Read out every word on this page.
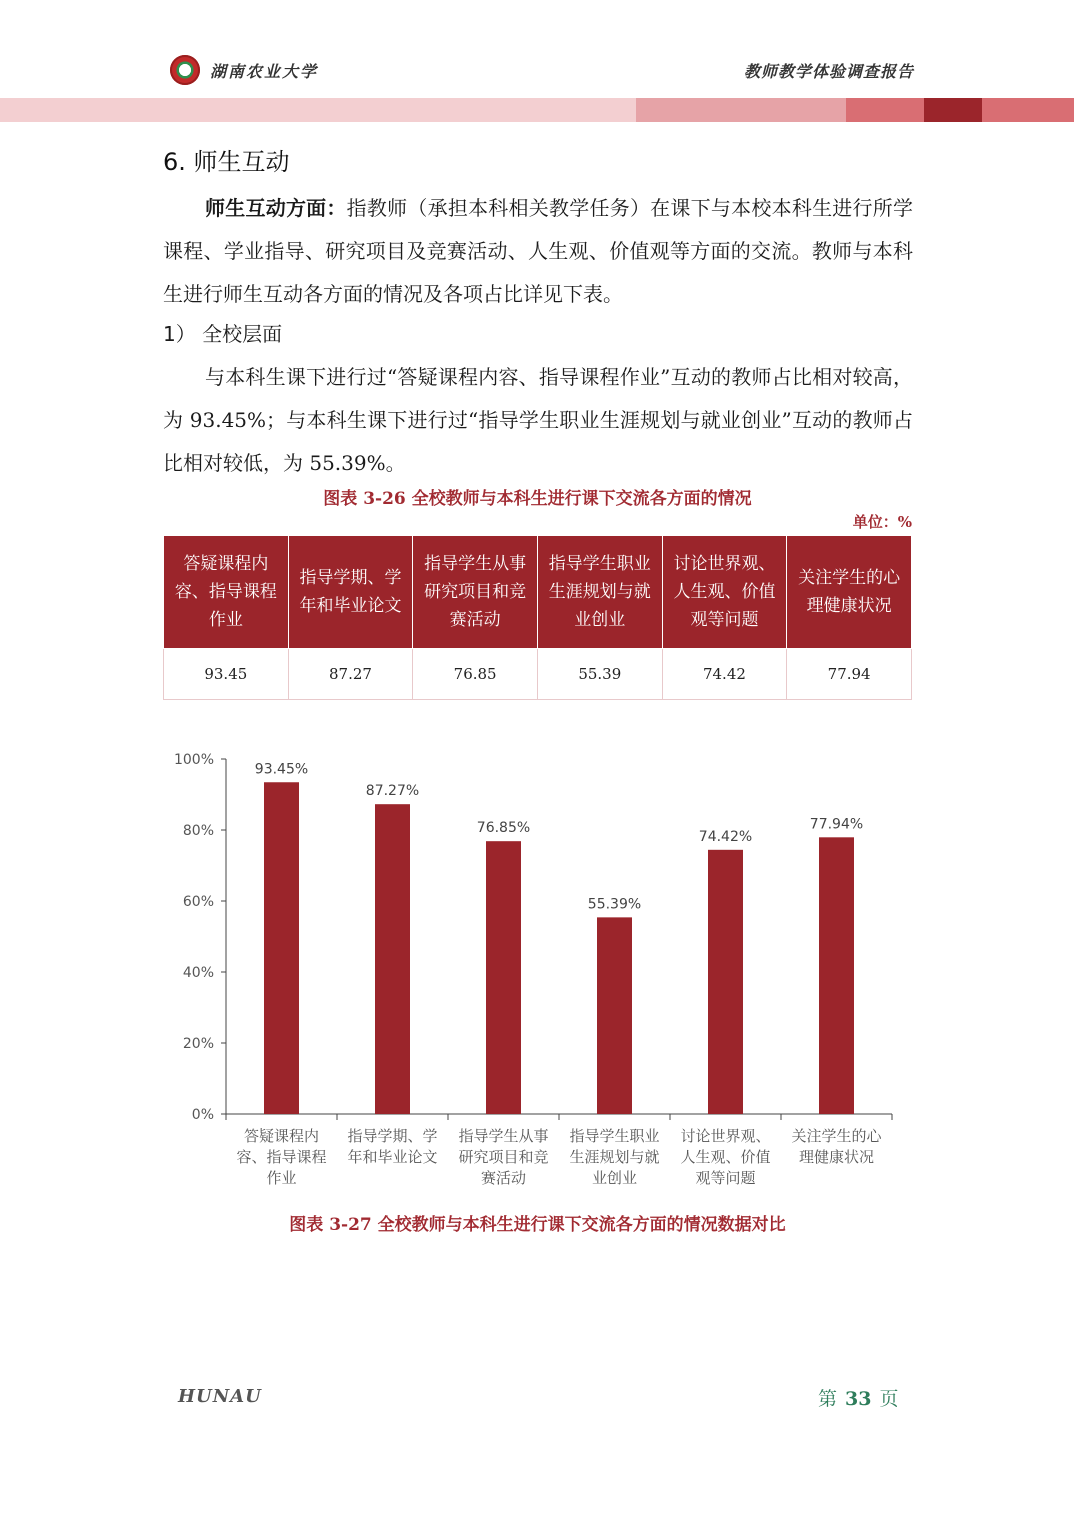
湖南农业大学	教师教学体验调查报告
6. 师生互动
师生互动方面：指教师（承担本科相关教学任务）在课下与本校本科生进行所学课程、学业指导、研究项目及竞赛活动、人生观、价值观等方面的交流。教师与本科生进行师生互动各方面的情况及各项占比详见下表。
1） 全校层面
与本科生课下进行过“答疑课程内容、指导课程作业”互动的教师占比相对较高，为 93.45%；与本科生课下进行过“指导学生职业生涯规划与就业创业”互动的教师占比相对较低，为 55.39%。
图表 3-26 全校教师与本科生进行课下交流各方面的情况
单位：%
答疑课程内容、指导课程作业	指导学期、学年和毕业论文	指导学生从事研究项目和竞赛活动	指导学生职业生涯规划与就业创业	讨论世界观、人生观、价值观等问题	关注学生的心理健康状况
93.45	87.27	76.85	55.39	74.42	77.94
0%
20%
40%
60%
80%
100%
93.45%
答疑课程内
容、指导课程
作业
87.27%
指导学期、学
年和毕业论文
76.85%
指导学生从事
研究项目和竞
赛活动
55.39%
指导学生职业
生涯规划与就
业创业
74.42%
讨论世界观、
人生观、价值
观等问题
77.94%
关注学生的心
理健康状况
图表 3-27 全校教师与本科生进行课下交流各方面的情况数据对比
HUNAU	第 33 页
